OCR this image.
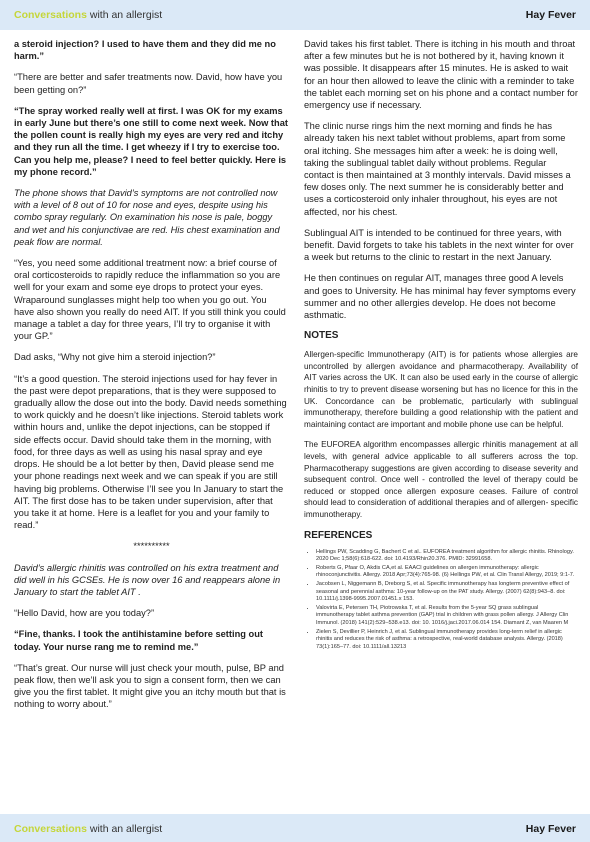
Conversations with an allergist	Hay Fever

a steroid injection? I used to have them and they did me no harm.”

“There are better and safer treatments now. David, how have you been getting on?”

“The spray worked really well at first. I was OK for my exams in early June but there’s one still to come next week. Now that the pollen count is really high my eyes are very red and itchy and they run all the time. I get wheezy if I try to exercise too. Can you help me, please? I need to feel better quickly. Here is my phone record.”

The phone shows that David’s symptoms are not controlled now with a level of 8 out of 10 for nose and eyes, despite using his combo spray regularly. On examination his nose is pale, boggy and wet and his conjunctivae are red. His chest examination and peak flow are normal.

“Yes, you need some additional treatment now: a brief course of oral corticosteroids to rapidly reduce the inflammation so you are well for your exam and some eye drops to protect your eyes. Wraparound sunglasses might help too when you go out. You have also shown you really do need AIT. If you still think you could manage a tablet a day for three years, I’ll try to organise it with your GP.”

Dad asks, “Why not give him a steroid injection?”

“It’s a good question. The steroid injections used for hay fever in the past were depot preparations, that is they were supposed to gradually allow the dose out into the body. David needs something to work quickly and he doesn’t like injections. Steroid tablets work within hours and, unlike the depot injections, can be stopped if side effects occur. David should take them in the morning, with food, for three days as well as using his nasal spray and eye drops. He should be a lot better by then, David please send me your phone readings next week and we can speak if you are still having big problems. Otherwise I’ll see you In January to start the AIT. The first dose has to be taken under supervision, after that you take it at home. Here is a leaflet for you and your family to read.”

**********

David’s allergic rhinitis was controlled on his extra treatment and did well in his GCSEs. He is now over 16 and reappears alone in January to start the tablet AIT .

“Hello David, how are you today?”

“Fine, thanks. I took the antihistamine before setting out today. Your nurse rang me to remind me.”

“That’s great. Our nurse will just check your mouth, pulse, BP and peak flow, then we’ll ask you to sign a consent form, then we can give you the first tablet. It might give you an itchy mouth but that is nothing to worry about.”

David takes his first tablet. There is itching in his mouth and throat after a few minutes but he is not bothered by it, having known it was possible. It disappears after 15 minutes. He is asked to wait for an hour then allowed to leave the clinic with a reminder to take the tablet each morning set on his phone and a contact number for emergency use if necessary.

The clinic nurse rings him the next morning and finds he has already taken his next tablet without problems, apart from some oral itching. She messages him after a week: he is doing well, taking the sublingual tablet daily without problems. Regular contact is then maintained at 3 monthly intervals. David misses a few doses only. The next summer he is considerably better and uses a corticosteroid only inhaler throughout, his eyes are not affected, nor his chest.

Sublingual AIT is intended to be continued for three years, with benefit. David forgets to take his tablets in the next winter for over a week but returns to the clinic to restart in the next January.

He then continues on regular AIT, manages three good A levels and goes to University. He has minimal hay fever symptoms every summer and no other allergies develop. He does not become asthmatic.

NOTES

Allergen-specific Immunotherapy (AIT) is for patients whose allergies are uncontrolled by allergen avoidance and pharmacotherapy. Availability of AIT varies across the UK. It can also be used early in the course of allergic rhinitis to try to prevent disease worsening but has no licence for this in the UK. Concordance can be problematic, particularly with sublingual immunotherapy, therefore building a good relationship with the patient and maintaining contact are important and mobile phone use can be helpful.

The EUFOREA algorithm encompasses allergic rhinitis management at all levels, with general advice applicable to all sufferers across the top. Pharmacotherapy suggestions are given according to disease severity and subsequent control. Once well - controlled the level of therapy could be reduced or stopped once allergen exposure ceases. Failure of control should lead to consideration of additional therapies and of allergen- specific immunotherapy.

REFERENCES
• Hellings PW, Scadding G, Bachert C et al.. EUFOREA treatment algorithm for allergic rhinitis. Rhinology. 2020 Dec 1;58(6):618-622. doi: 10.4193/Rhin20.376. PMID: 32991658.
• Roberts G, Pfaar O, Akdis CA,et al. EAACI guidelines on allergen immunotherapy: allergic rhinoconjunctivitis. Allergy. 2018 Apr;73(4):765-98. (6) Hellings PW, et al. Clin Transl Allergy, 2019; 9:1-7.
• Jacobsen L, Niggemann B, Dreborg S, et al. Specific immunotherapy has longterm preventive effect of seasonal and perennial asthma: 10-year follow-up on the PAT study. Allergy. (2007) 62(8):943–8. doi: 10.1111/j.1398-9995.2007.01451.x 153.
• Valovirta E, Petersen TH, Piotrowska T, et al. Results from the 5-year SQ grass sublingual immunotherapy tablet asthma prevention (GAP) trial in children with grass pollen allergy. J Allergy Clin Immunol. (2018) 141(2):529–538.e13. doi: 10. 1016/j.jaci.2017.06.014 154. Diamant Z, van Maaren M
• Zielen S, Devillier P, Heinrich J, et al. Sublingual immunotherapy provides long-term relief in allergic rhinitis and reduces the risk of asthma: a retrospective, real-world database analysis. Allergy. (2018) 73(1):165–77. doi: 10.1111/all.13213
Conversations with an allergist	Hay Fever
